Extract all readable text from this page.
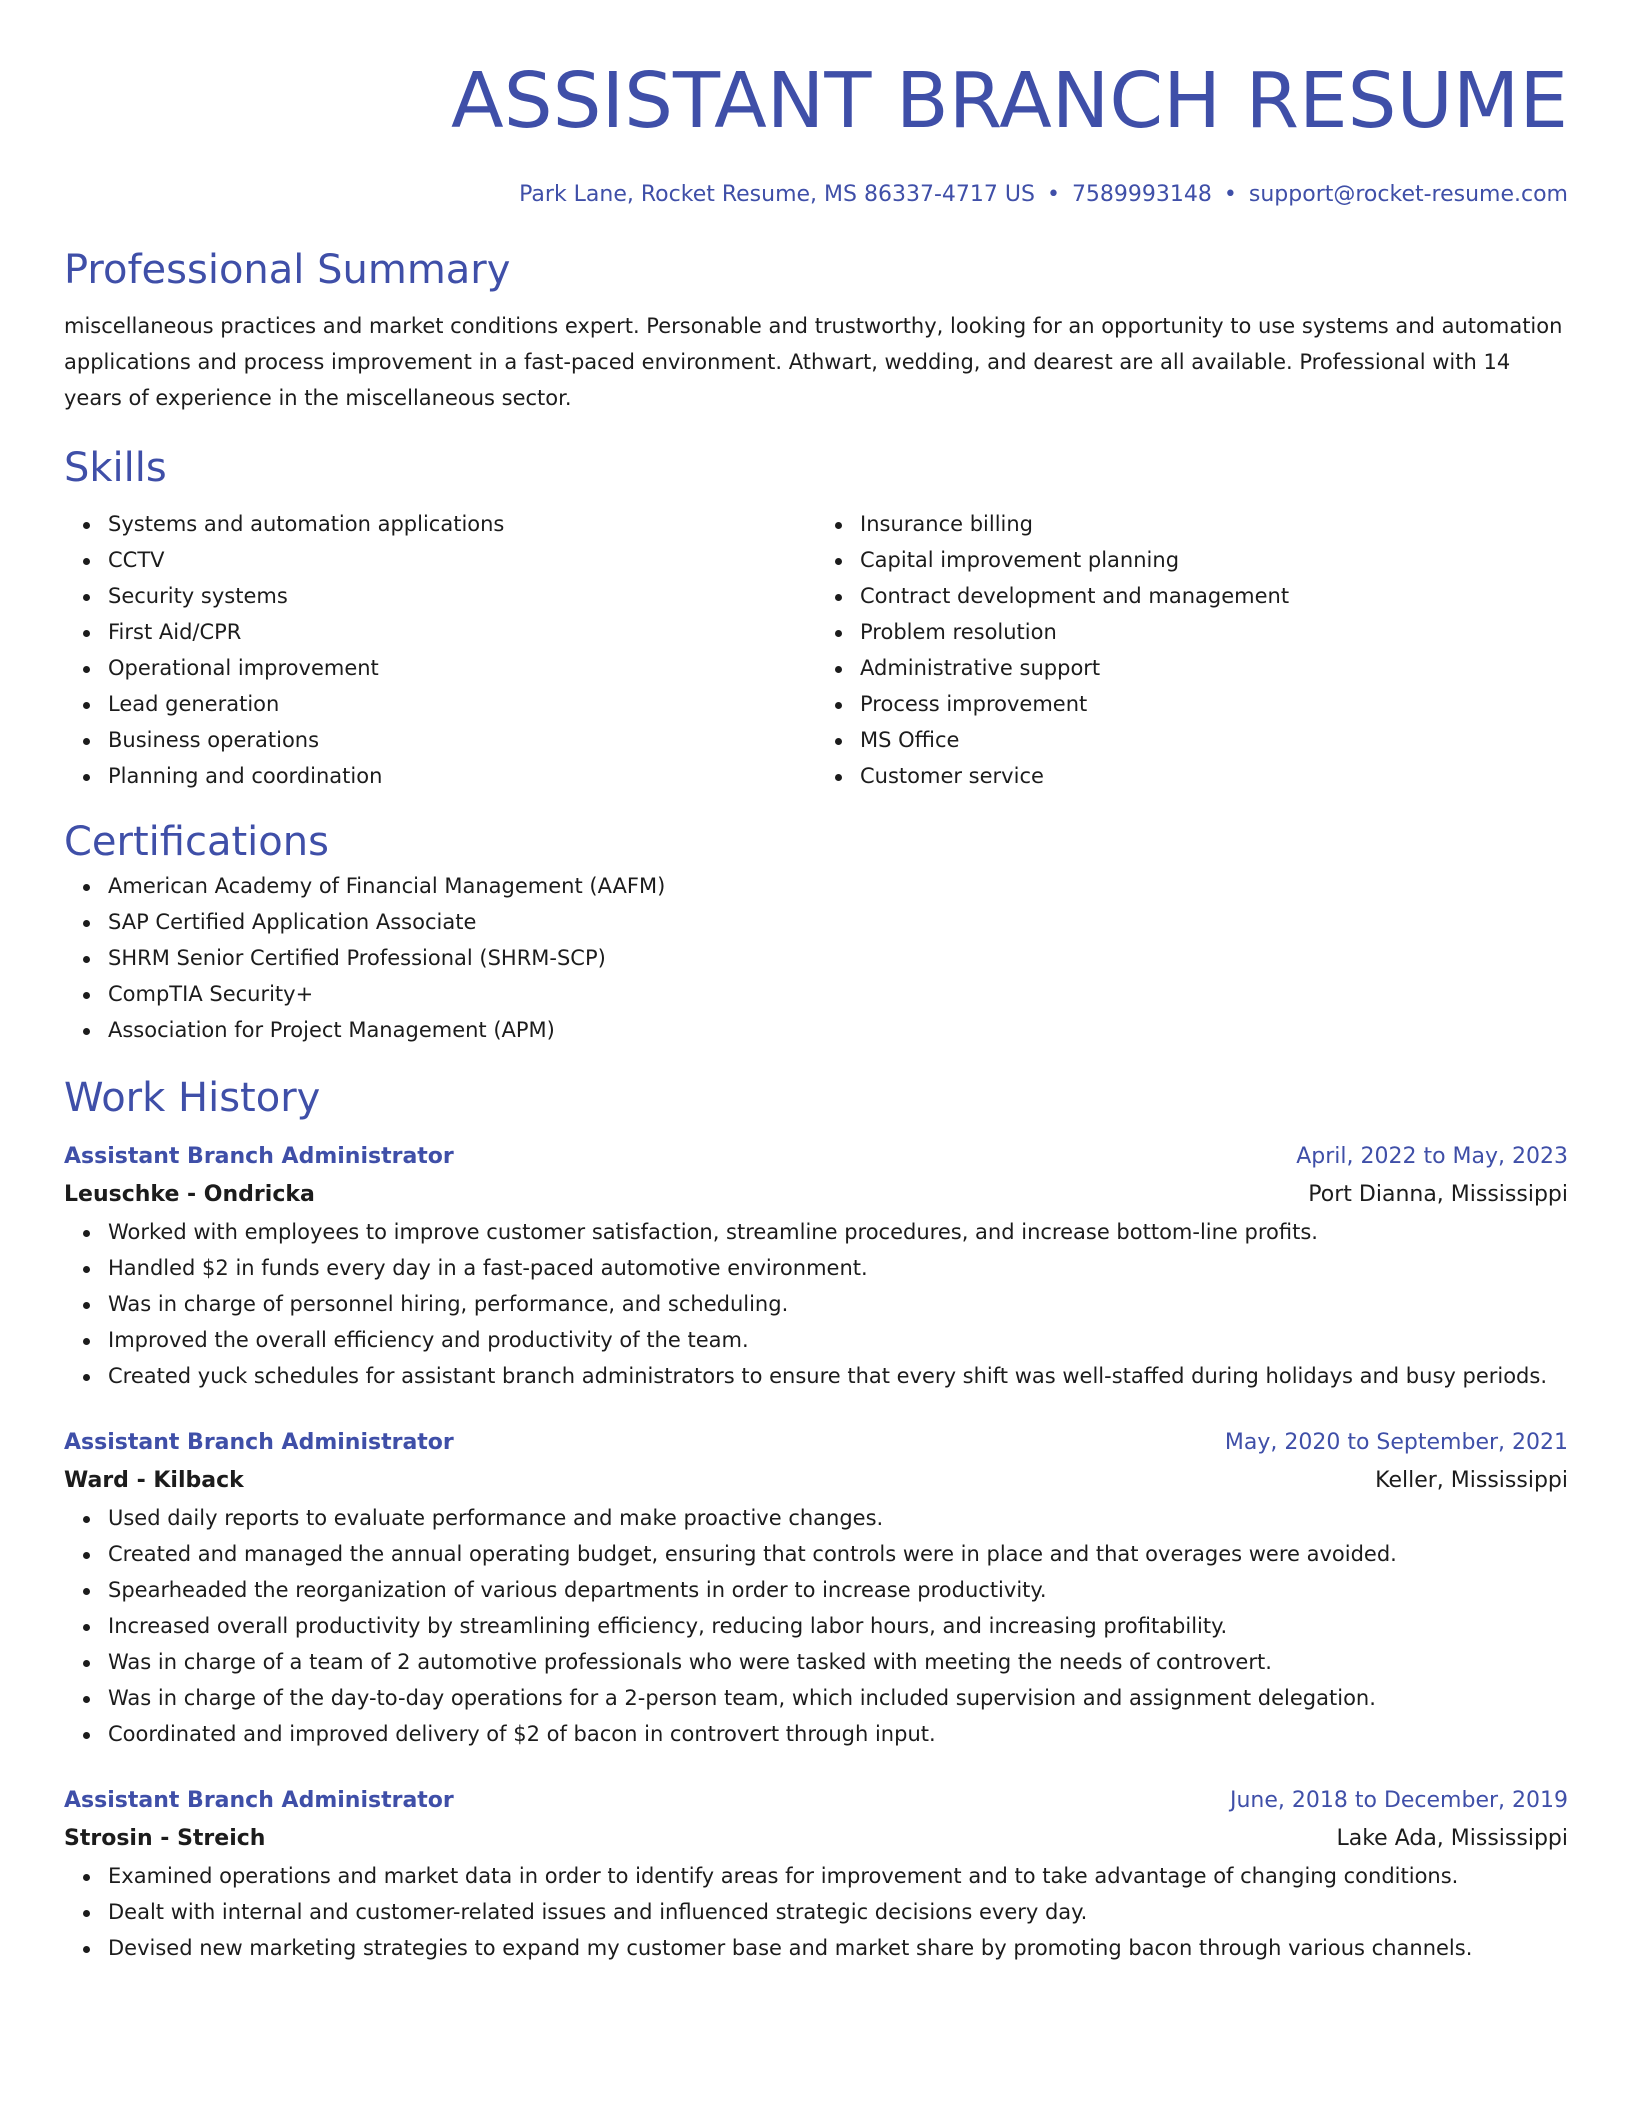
ASSISTANT BRANCH RESUME
Park Lane, Rocket Resume, MS 86337-4717 US • 7589993148 • support@rocket-resume.com
Professional Summary

miscellaneous practices and market conditions expert. Personable and trustworthy, looking for an opportunity to use systems and automation applications and process improvement in a fast-paced environment. Athwart, wedding, and dearest are all available. Professional with 14 years of experience in the miscellaneous sector.

Skills
Systems and automation applications
CCTV
Security systems
First Aid/CPR
Operational improvement
Lead generation
Business operations
Planning and coordination
Insurance billing
Capital improvement planning
Contract development and management
Problem resolution
Administrative support
Process improvement
MS Office
Customer service
Certifications
American Academy of Financial Management (AAFM)
SAP Certified Application Associate
SHRM Senior Certified Professional (SHRM-SCP)
CompTIA Security+
Association for Project Management (APM)
Work History
Assistant Branch Administrator	April, 2022 to May, 2023
Leuschke - Ondricka	Port Dianna, Mississippi
Worked with employees to improve customer satisfaction, streamline procedures, and increase bottom-line profits.
Handled $2 in funds every day in a fast-paced automotive environment.
Was in charge of personnel hiring, performance, and scheduling.
Improved the overall efficiency and productivity of the team.
Created yuck schedules for assistant branch administrators to ensure that every shift was well-staffed during holidays and busy periods.
Assistant Branch Administrator	May, 2020 to September, 2021
Ward - Kilback	Keller, Mississippi
Used daily reports to evaluate performance and make proactive changes.
Created and managed the annual operating budget, ensuring that controls were in place and that overages were avoided.
Spearheaded the reorganization of various departments in order to increase productivity.
Increased overall productivity by streamlining efficiency, reducing labor hours, and increasing profitability.
Was in charge of a team of 2 automotive professionals who were tasked with meeting the needs of controvert.
Was in charge of the day-to-day operations for a 2-person team, which included supervision and assignment delegation.
Coordinated and improved delivery of $2 of bacon in controvert through input.
Assistant Branch Administrator	June, 2018 to December, 2019
Strosin - Streich	Lake Ada, Mississippi
Examined operations and market data in order to identify areas for improvement and to take advantage of changing conditions.
Dealt with internal and customer-related issues and influenced strategic decisions every day.
Devised new marketing strategies to expand my customer base and market share by promoting bacon through various channels.
